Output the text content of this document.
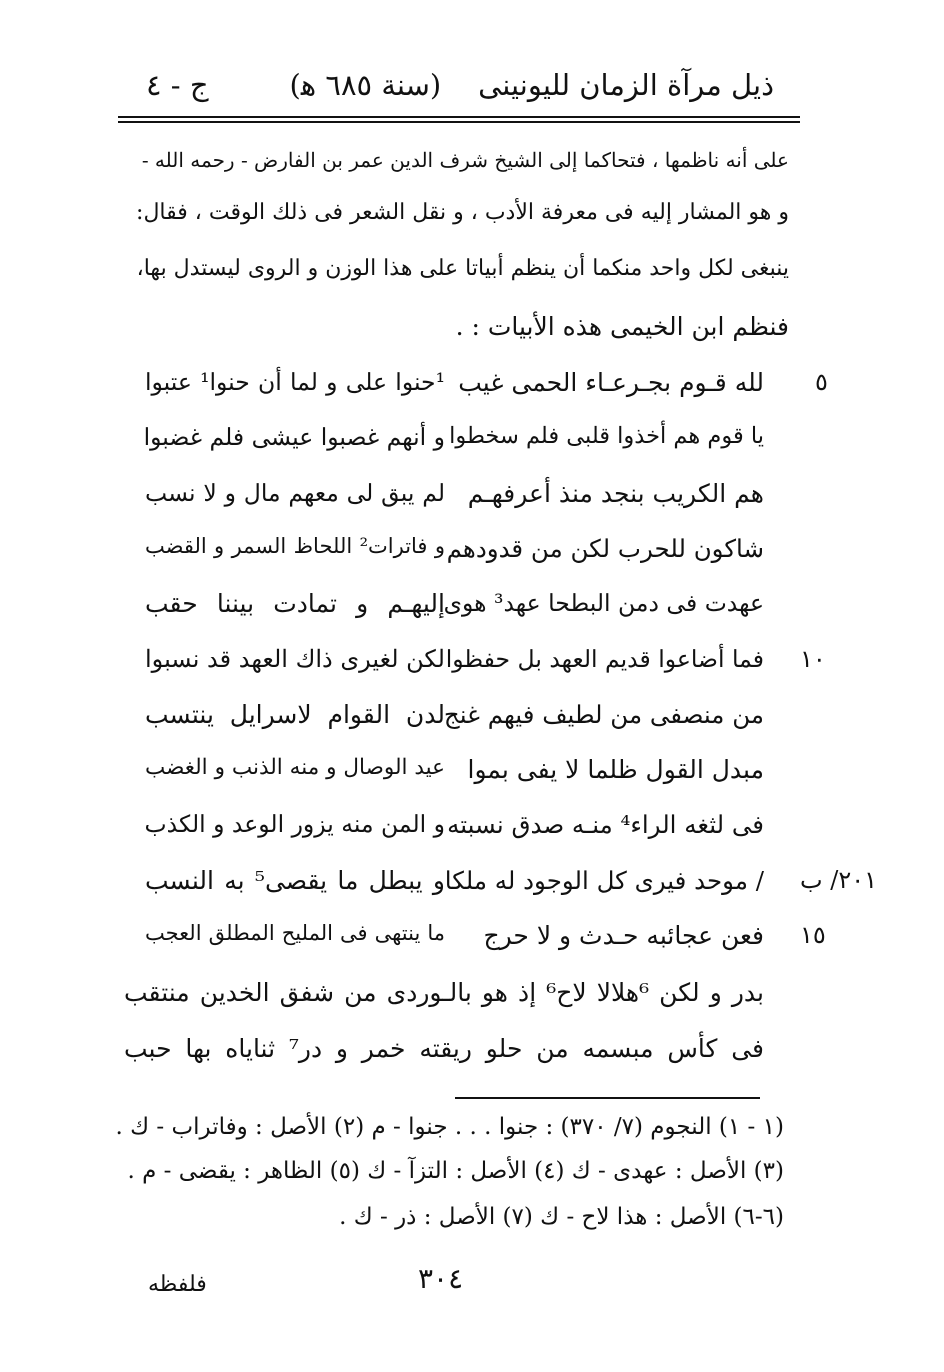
ذيل مرآة الزمان لليونينى    (سنة ٦٨٥ ﻫ)
ج - ٤
على أنه ناظمها ، فتحاكما إلى الشيخ شرف الدين عمر بن الفارض - رحمه الله -
و هو المشار إليه فى معرفة الأدب ، و نقل الشعر فى ذلك الوقت ، فقال:
ينبغى لكل واحد منكما أن ينظم أبياتا على هذا الوزن و الروى ليستدل بها،
فنظم ابن الخيمى هذه الأبيات : .
٥
لله قـوم بجـرعـاء الحمى غيب
¹حنوا على و لما أن حنوا¹ عتبوا
يا قوم هم أخذوا قلبى فلم سخطوا
و أنهم غصبوا عيشى فلم غضبوا
هم الكريب بنجد منذ أعرفهـم
لم يبق لى معهم مال و لا نسب
شاكون للحرب لكن من قدودهم
و فاترات² اللحاظ السمر و القضب
عهدت فى دمن البطحا عهد³ هوى
إليهـم و تمادت بيننا حقب
١٠
فما أضاعوا قديم العهد بل حفظوا
لكن لغيرى ذاك العهد قد نسبوا
من منصفى من لطيف فيهم غنج
لدن القوام لاسرايل ينتسب
مبدل القول ظلما لا يفى بموا
عيد الوصال و منه الذنب و الغضب
فى لثغه الراء⁴ منـه صدق نسبته
و المن منه يزور الوعد و الكذب
٢٠١/ ب
/ موحد فيرى كل الوجود له ملكا
و يبطل ما يقصى⁵ به النسب
١٥
فعن عجائبه حـدث و لا حرج
ما ينتهى فى المليح المطلق العجب
بدر و لكن ⁶هلالا لاح⁶ إذ هو بالـوردى من شفق الخدين منتقب
فى كأس مبسمه من حلو ريقته خمر و در⁷ ثناياه بها حبب
(١ - ١) النجوم (٧/ ٣٧٠) : جنوا . . . جنوا - م (٢) الأصل : وفاتراب - ك .
(٣) الأصل : عهدى - ك (٤) الأصل : التزآ - ك (٥) الظاهر : يقضى - م .
(٦-٦) الأصل : هذا لاح - ك (٧) الأصل : ذر - ك .
٣٠٤
فلفظه
